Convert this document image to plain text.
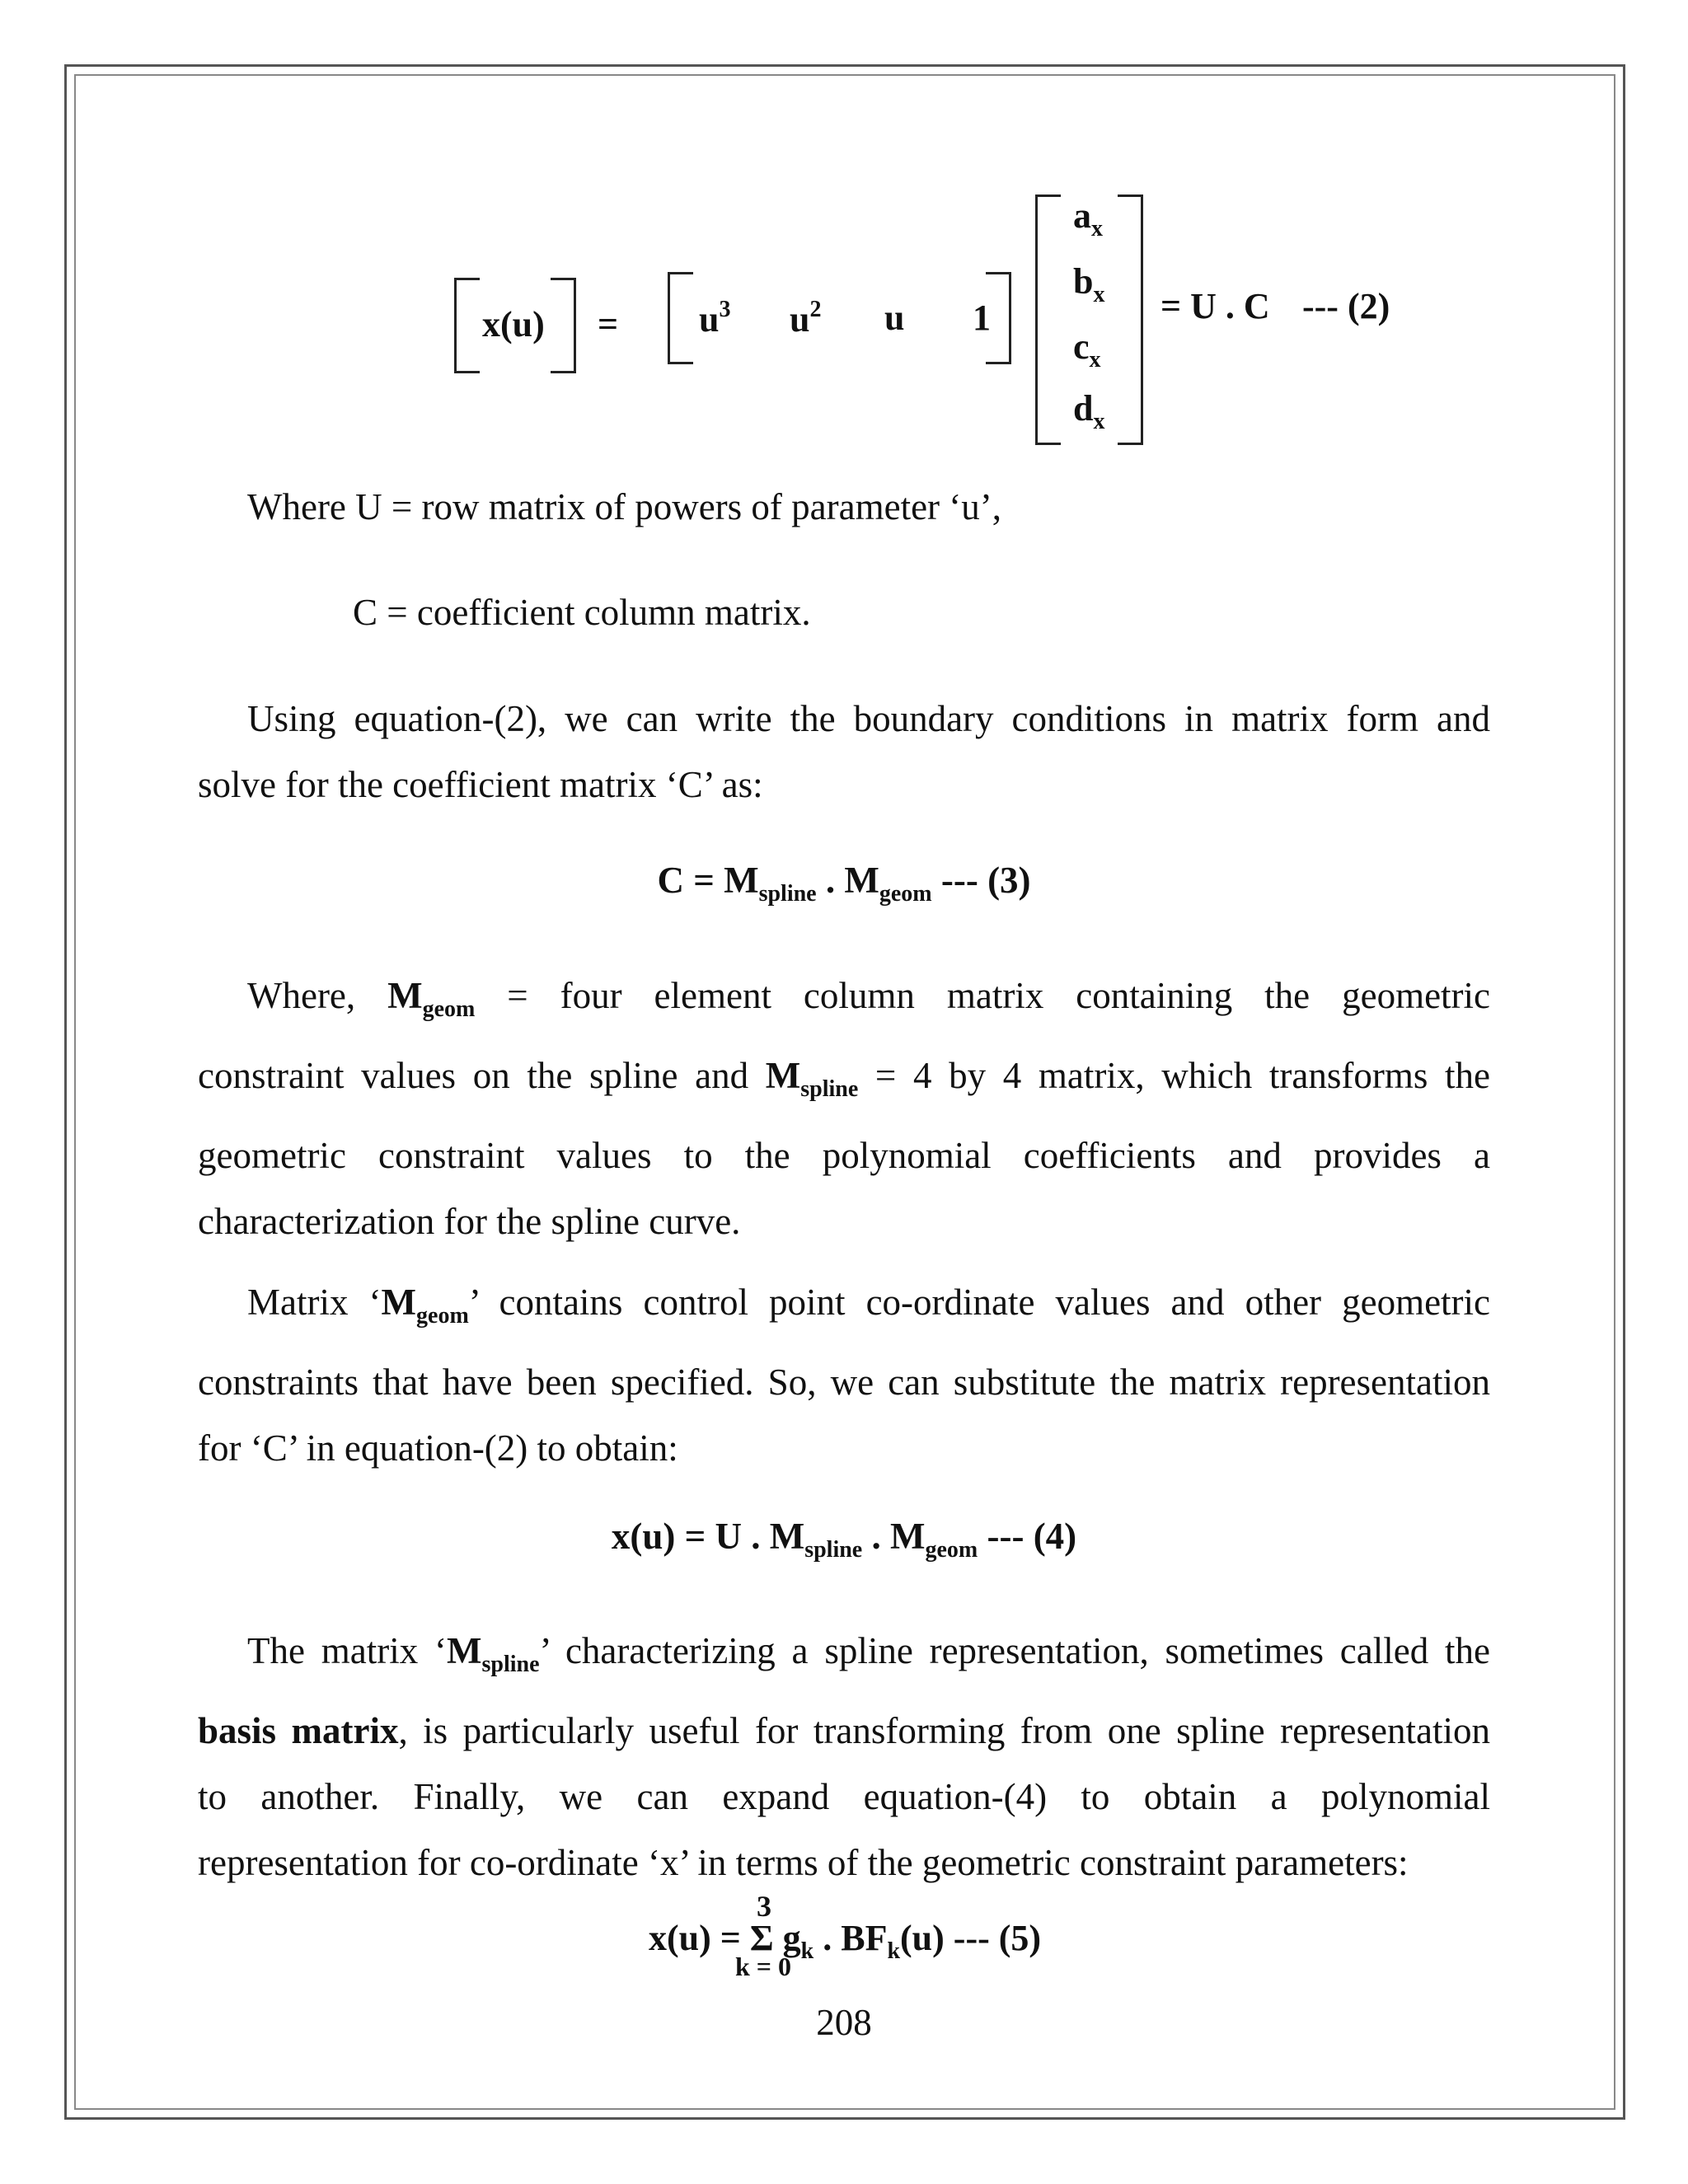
$x(u) = u^3$ $u^2$ u 1
$a_x$
$b_x$
$c_x$
$d_x$
= U . C --- (2)
Where U = row matrix of powers of parameter ‘u’,
C = coefficient column matrix.
Using equation-(2), we can write the boundary conditions in matrix form and
solve for the coefficient matrix ‘C’ as:
$C = M_{spline}$ . $M_{geom}$ --- (3)
Where, $M_{geom}$ = four element column matrix containing the geometric
constraint values on the spline and $M_{spline} = 4$ by 4 matrix, which transforms the
geometric constraint values to the polynomial coefficients and provides a
characterization for the spline curve.
Matrix ‘$M_{geom}$’ contains control point co-ordinate values and other geometric
constraints that have been specified. So, we can substitute the matrix representation
for ‘C’ in equation-(2) to obtain:
x(u) = U . $M_{spline}$ . $M_{geom}$ --- (4)
The matrix ‘$M_{spline}$’ characterizing a spline representation, sometimes called the
basis matrix, is particularly useful for transforming from one spline representation
to another. Finally, we can expand equation-(4) to obtain a polynomial
representation for co-ordinate ‘x’ in terms of the geometric constraint parameters:
3
x(u) = Σ $g_k$ . $BF_k(u)$ --- (5)
k = 0
208
